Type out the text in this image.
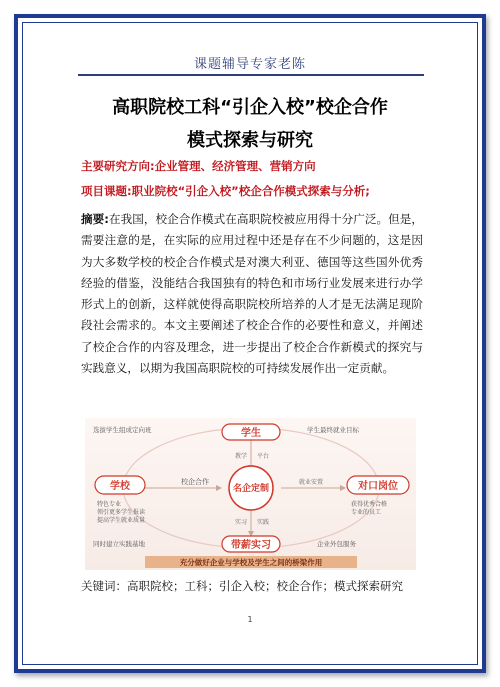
课题辅导专家老陈
高职院校工科“引企入校”校企合作
模式探索与研究
主要研究方向:企业管理、经济管理、营销方向
项目课题:职业院校“引企入校”校企合作模式探索与分析;
摘要:在我国，校企合作模式在高职院校被应用得十分广泛。但是，需要注意的是，在实际的应用过程中还是存在不少问题的，这是因为大多数学校的校企合作模式是对澳大利亚、德国等这些国外优秀经验的借鉴，没能结合我国独有的特色和市场行业发展来进行办学形式上的创新，这样就使得高职院校所培养的人才是无法满足现阶段社会需求的。本文主要阐述了校企合作的必要性和意义，并阐述了校企合作的内容及理念，进一步提出了校企合作新模式的探究与实践意义，以期为我国高职院校的可持续发展作出一定贡献。
学生
学校	对口岗位
带薪实习
名企定制
校企合作
选拔学生组成定向班	学生最终就业目标
特色专业领引更多学生报读提高学生就业质量
获得优秀合格专业的员工
同时建立实践基地	企业外包服务
教学 平台
就业安置
实习 实践
充分做好企业与学校及学生之间的桥梁作用
关键词：高职院校；工科；引企入校；校企合作；模式探索研究
1
